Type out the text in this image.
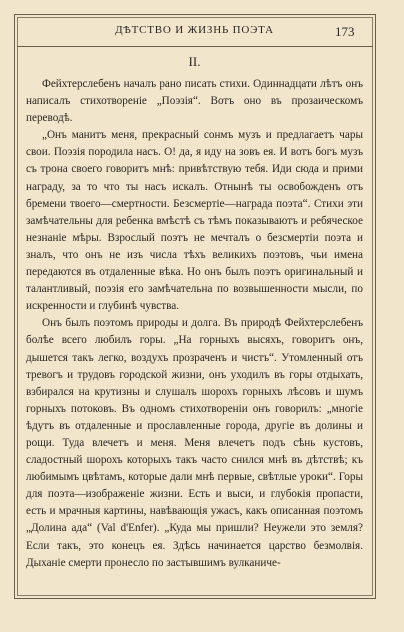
ДѢТСТВО И ЖИЗНЬ ПОЭТА	173
II.

Фейхтерслебенъ началъ рано писать стихи. Одиннадцати лѣтъ онъ написалъ стихотвореніе „Поэзія“. Вотъ оно въ прозаическомъ переводѣ.

„Онъ манитъ меня, прекрасный сонмъ музъ и предлагаетъ чары свои. Поэзія породила насъ. О! да, я иду на зовъ ея. И вотъ богъ музъ съ трона своего говоритъ мнѣ: привѣтствую тебя. Иди сюда и прими награду, за то что ты насъ искалъ. Отнынѣ ты освобожденъ отъ бремени твоего—смертности. Безсмертіе—награда поэта“. Стихи эти замѣчательны для ребенка вмѣстѣ съ тѣмъ показываютъ и ребяческое незнаніе мѣры. Взрослый поэтъ не мечталъ о безсмертіи поэта и зналъ, что онъ не изъ числа тѣхъ великихъ поэтовъ, чьи имена передаются въ отдаленные вѣка. Но онъ былъ поэтъ оригинальный и талантливый, поэзія его замѣчательна по возвышенности мысли, по искренности и глубинѣ чувства.

Онъ былъ поэтомъ природы и долга. Въ природѣ Фейхтерслебенъ болѣе всего любилъ горы. „На горныхъ высяхъ, говоритъ онъ, дышется такъ легко, воздухъ прозраченъ и чистъ“. Утомленный отъ тревогъ и трудовъ городской жизни, онъ уходилъ въ горы отдыхать, взбирался на крутизны и слушалъ шорохъ горныхъ лѣсовъ и шумъ горныхъ потоковъ. Въ одномъ стихотвореніи онъ говорилъ: „многіе ѣдутъ въ отдаленные и прославленные города, другіе въ долины и рощи. Туда влечетъ и меня. Меня влечетъ подъ сѣнь кустовъ, сладостный шорохъ которыхъ такъ часто снился мнѣ въ дѣтствѣ; къ любимымъ цвѣтамъ, которые дали мнѣ первые, свѣтлые уроки“. Горы для поэта—изображеніе жизни. Есть и выси, и глубокія пропасти, есть и мрачныя картины, навѣвающія ужасъ, какъ описанная поэтомъ „Долина ада“ (Val d'Enfer). „Куда мы пришли? Неужели это земля? Если такъ, это конецъ ея. Здѣсь начинается царство безмолвія. Дыханіе смерти пронесло по застывшимъ вулканиче-
